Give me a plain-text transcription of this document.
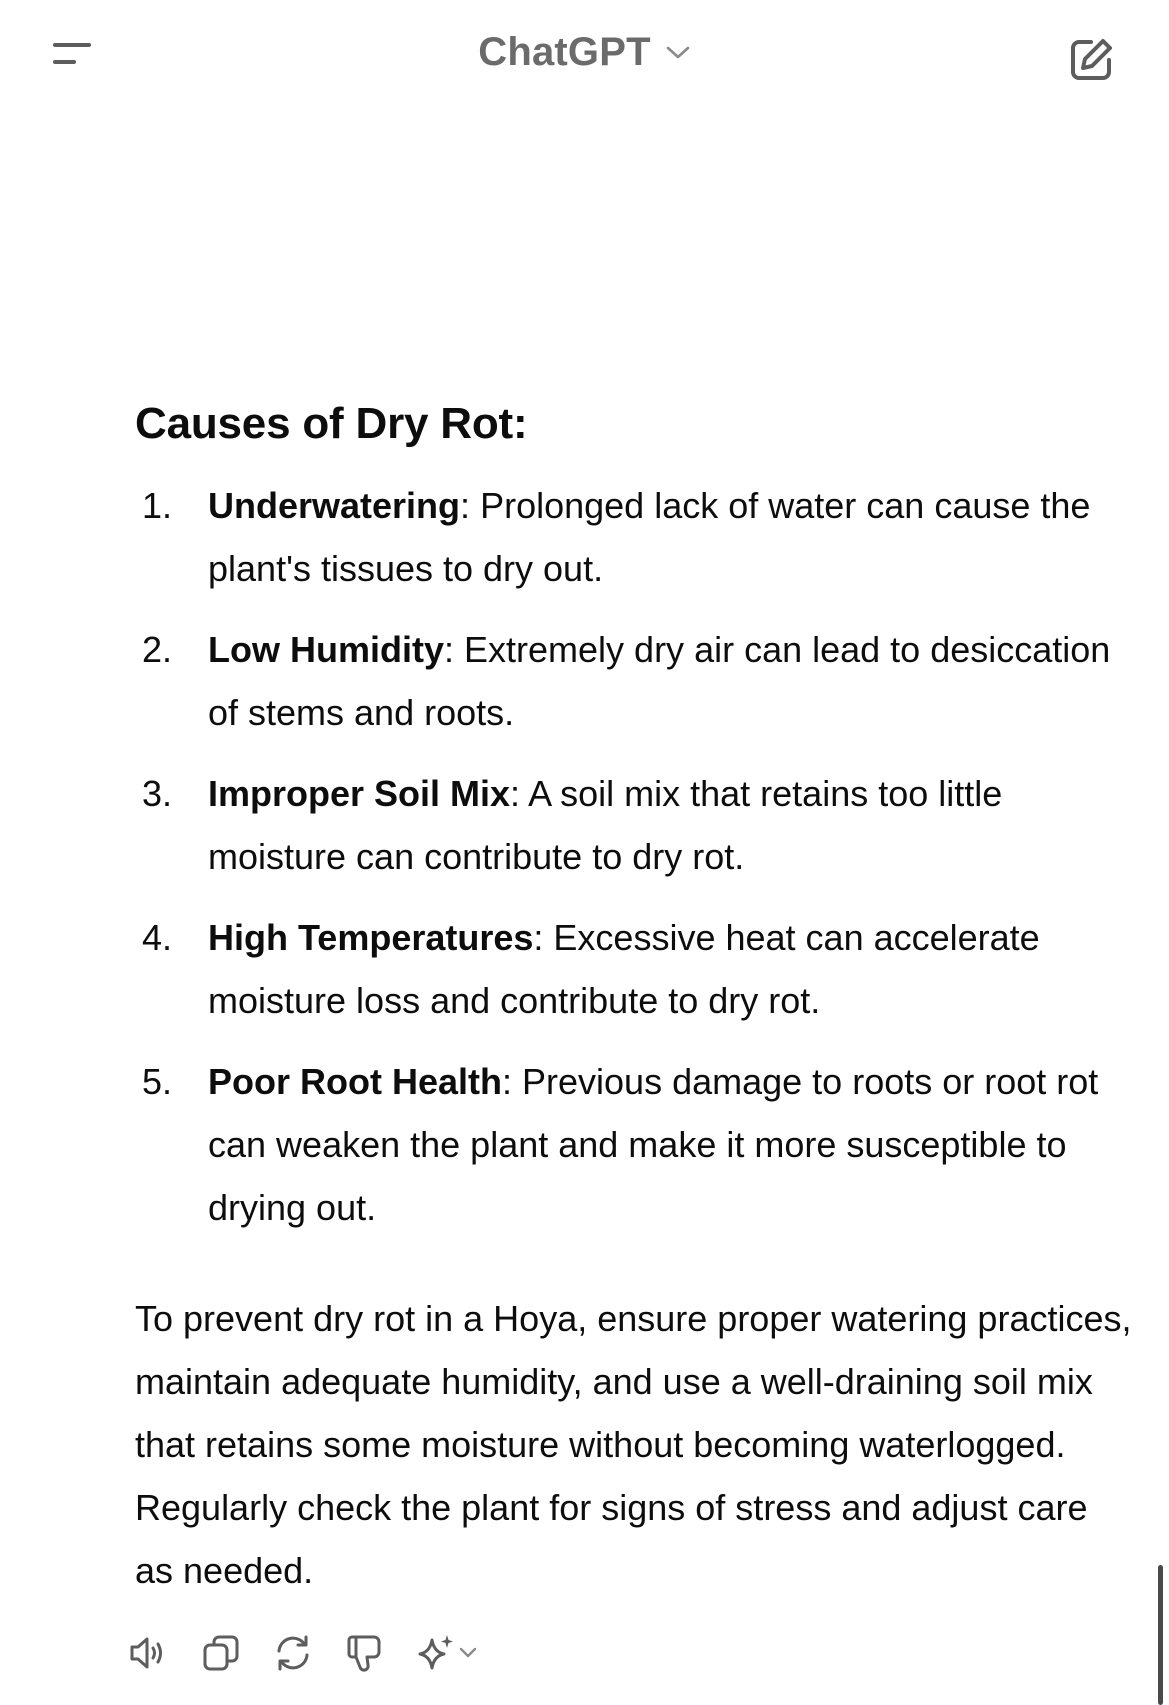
ChatGPT
Causes of Dry Rot:
1. Underwatering: Prolonged lack of water can cause the plant's tissues to dry out.
2. Low Humidity: Extremely dry air can lead to desiccation of stems and roots.
3. Improper Soil Mix: A soil mix that retains too little moisture can contribute to dry rot.
4. High Temperatures: Excessive heat can accelerate moisture loss and contribute to dry rot.
5. Poor Root Health: Previous damage to roots or root rot can weaken the plant and make it more susceptible to drying out.

To prevent dry rot in a Hoya, ensure proper watering practices, maintain adequate humidity, and use a well-draining soil mix that retains some moisture without becoming waterlogged. Regularly check the plant for signs of stress and adjust care as needed.
